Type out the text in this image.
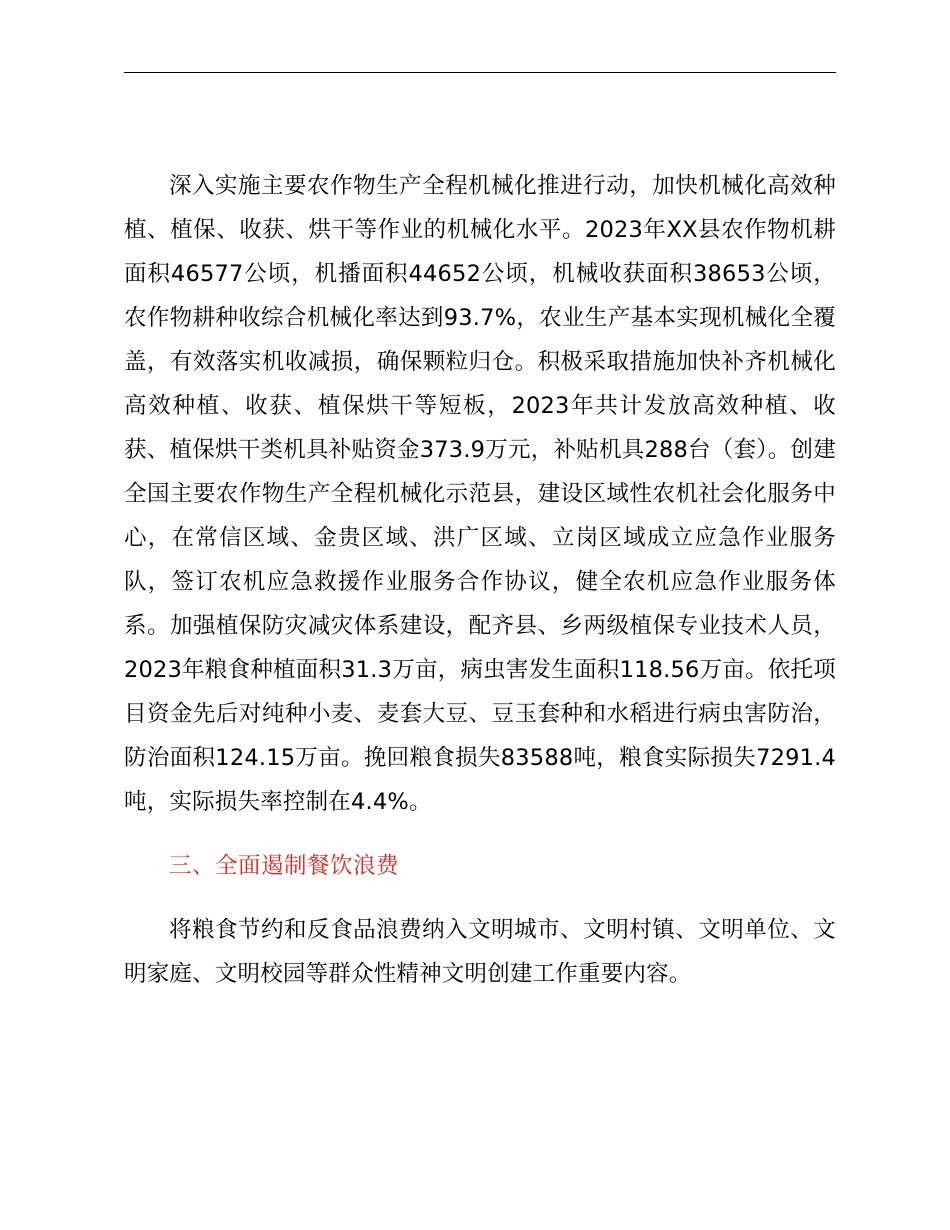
深入实施主要农作物生产全程机械化推进行动，加快机械化高效种植、植保、收获、烘干等作业的机械化水平。2023年XX县农作物机耕面积46577公顷，机播面积44652公顷，机械收获面积38653公顷，农作物耕种收综合机械化率达到93.7%，农业生产基本实现机械化全覆盖，有效落实机收减损，确保颗粒归仓。积极采取措施加快补齐机械化高效种植、收获、植保烘干等短板，2023年共计发放高效种植、收获、植保烘干类机具补贴资金373.9万元，补贴机具288台（套）。创建全国主要农作物生产全程机械化示范县，建设区域性农机社会化服务中心，在常信区域、金贵区域、洪广区域、立岗区域成立应急作业服务队，签订农机应急救援作业服务合作协议，健全农机应急作业服务体系。加强植保防灾减灾体系建设，配齐县、乡两级植保专业技术人员，2023年粮食种植面积31.3万亩，病虫害发生面积118.56万亩。依托项目资金先后对纯种小麦、麦套大豆、豆玉套种和水稻进行病虫害防治，防治面积124.15万亩。挽回粮食损失83588吨，粮食实际损失7291.4吨，实际损失率控制在4.4%。

三、全面遏制餐饮浪费

将粮食节约和反食品浪费纳入文明城市、文明村镇、文明单位、文明家庭、文明校园等群众性精神文明创建工作重要内容。
